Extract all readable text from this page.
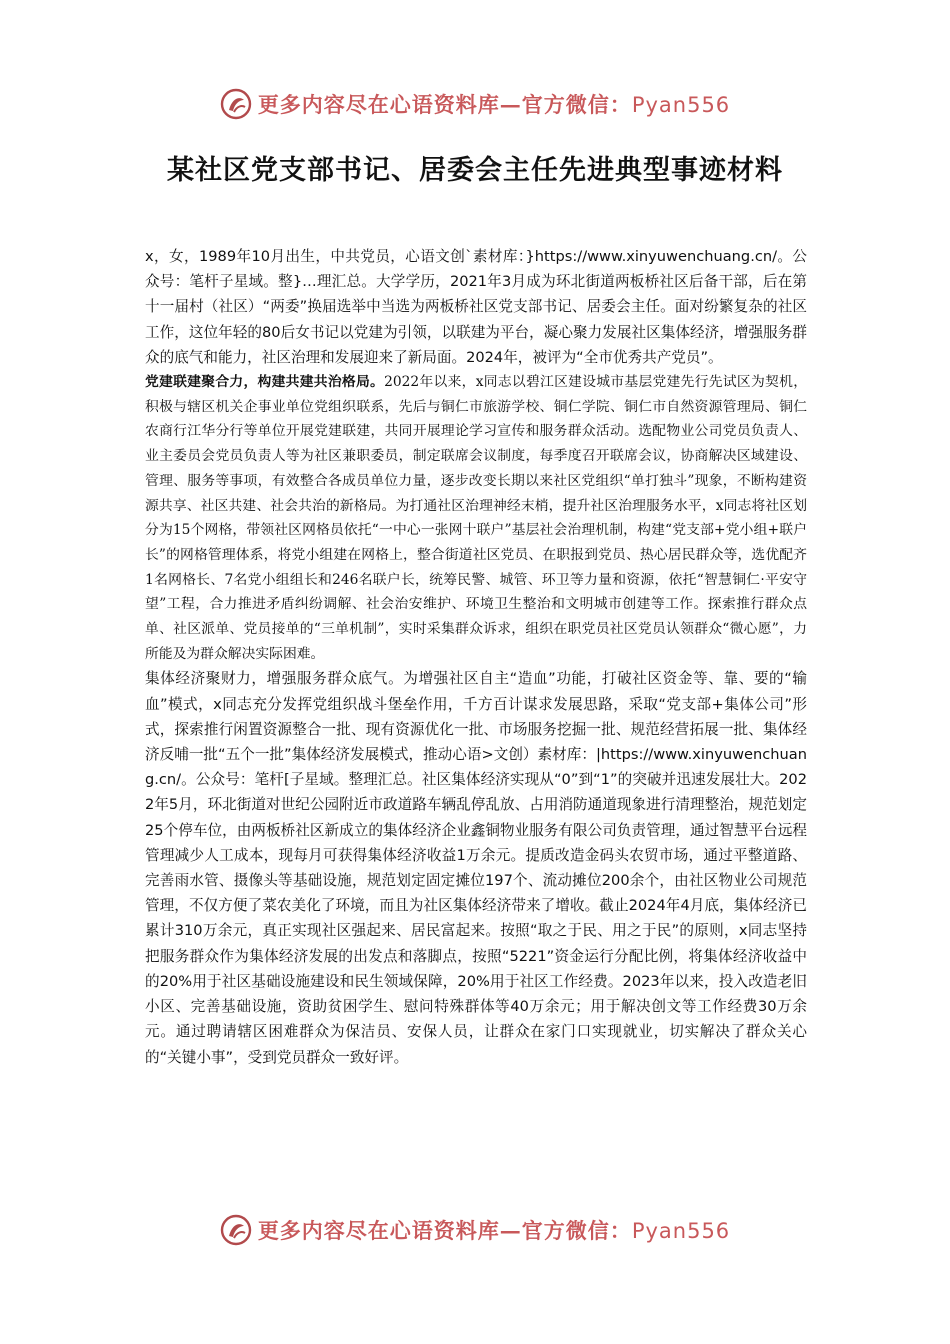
更多内容尽在心语资料库—官方微信：Pyan556
某社区党支部书记、居委会主任先进典型事迹材料

x，女，1989年10月出生，中共党员，心语文创`素材库：}https://www.xinyuwenchuang.cn/。公众号：笔杆子星域。整}…理汇总。大学学历，2021年3月成为环北街道两板桥社区后备干部，后在第十一届村（社区）“两委”换届选举中当选为两板桥社区党支部书记、居委会主任。面对纷繁复杂的社区工作，这位年轻的80后女书记以党建为引领，以联建为平台，凝心聚力发展社区集体经济，增强服务群众的底气和能力，社区治理和发展迎来了新局面。2024年，被评为“全市优秀共产党员”。

党建联建聚合力，构建共建共治格局。2022年以来，x同志以碧江区建设城市基层党建先行先试区为契机，积极与辖区机关企事业单位党组织联系，先后与铜仁市旅游学校、铜仁学院、铜仁市自然资源管理局、铜仁农商行江华分行等单位开展党建联建，共同开展理论学习宣传和服务群众活动。选配物业公司党员负责人、业主委员会党员负责人等为社区兼职委员，制定联席会议制度，每季度召开联席会议，协商解决区域建设、管理、服务等事项，有效整合各成员单位力量，逐步改变长期以来社区党组织“单打独斗”现象，不断构建资源共享、社区共建、社会共治的新格局。为打通社区治理神经末梢，提升社区治理服务水平，x同志将社区划分为15个网格，带领社区网格员依托“一中心一张网十联户”基层社会治理机制，构建“党支部+党小组+联户长”的网格管理体系，将党小组建在网格上，整合街道社区党员、在职报到党员、热心居民群众等，选优配齐1名网格长、7名党小组组长和246名联户长，统筹民警、城管、环卫等力量和资源，依托“智慧铜仁·平安守望”工程，合力推进矛盾纠纷调解、社会治安维护、环境卫生整治和文明城市创建等工作。探索推行群众点单、社区派单、党员接单的“三单机制”，实时采集群众诉求，组织在职党员社区党员认领群众“微心愿”，力所能及为群众解决实际困难。

集体经济聚财力，增强服务群众底气。为增强社区自主“造血”功能，打破社区资金等、靠、要的“输血”模式，x同志充分发挥党组织战斗堡垒作用，千方百计谋求发展思路，采取“党支部+集体公司”形式，探索推行闲置资源整合一批、现有资源优化一批、市场服务挖掘一批、规范经营拓展一批、集体经济反哺一批“五个一批”集体经济发展模式，推动心语>文创）素材库：|https://www.xinyuwenchuang.cn/。公众号：笔杆[子星域。整理汇总。社区集体经济实现从“0”到“1”的突破并迅速发展壮大。2022年5月，环北街道对世纪公园附近市政道路车辆乱停乱放、占用消防通道现象进行清理整治，规范划定25个停车位，由两板桥社区新成立的集体经济企业鑫铜物业服务有限公司负责管理，通过智慧平台远程管理减少人工成本，现每月可获得集体经济收益1万余元。提质改造金码头农贸市场，通过平整道路、完善雨水管、摄像头等基础设施，规范划定固定摊位197个、流动摊位200余个，由社区物业公司规范管理，不仅方便了菜农美化了环境，而且为社区集体经济带来了增收。截止2024年4月底，集体经济已累计310万余元，真正实现社区强起来、居民富起来。按照“取之于民、用之于民”的原则，x同志坚持把服务群众作为集体经济发展的出发点和落脚点，按照“5221”资金运行分配比例，将集体经济收益中的20%用于社区基础设施建设和民生领域保障，20%用于社区工作经费。2023年以来，投入改造老旧小区、完善基础设施，资助贫困学生、慰问特殊群体等40万余元；用于解决创文等工作经费30万余元。通过聘请辖区困难群众为保洁员、安保人员，让群众在家门口实现就业，切实解决了群众关心的“关键小事”，受到党员群众一致好评。

更多内容尽在心语资料库—官方微信：Pyan556
